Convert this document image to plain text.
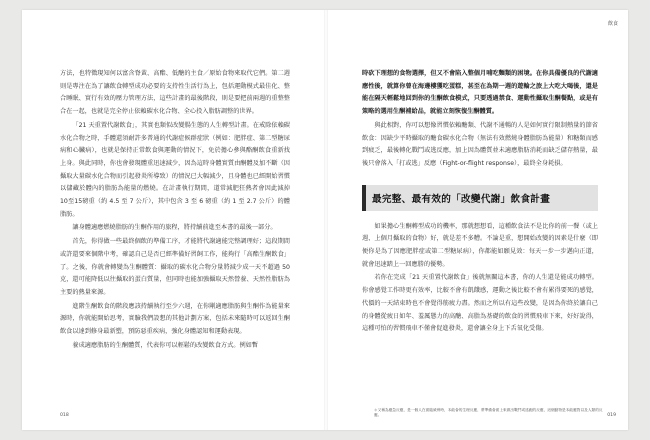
飲食

方法，也特徵現知何以富含脊黃、高酯、低醣的主食／原始食物來取代它們。第二週則是專注在為了讓飲食轉型成功必要的支持性生活行為上，包括運動模式最佳化、整合睡眠、實行有效的壓力管理方法，這些計畫的最後階段，則是要把前兩週的重整整合在一起，也就是完全停止依賴碳水化合物、全心投入脂肪調整的世界。

「21 天重置代謝飲食」，其實也類似改變腸生態的人生轉型計畫。在戒除依賴碳水化合物之時，手體還須耐許多普通的代謝症候群症狀（例如：肥胖症、第二型糖尿病和心臟病），也就是保持正常飲食與運動的情況下，免於擔心參與酪酮飲食重新找上身。與此同時，你也會發現體重迅速減少，因為這時身體實質由酮體及加不斷（因攝取大量碳水化合物而引起發炎所導致）的情況已大幅減少，且身體也已經開始習慣以儲藏於體內的脂肪為能量的燃燒。在計畫執行期間，道常減肥狂熱者會因此減掉 10至15磅重（約 4.5 至 7 公斤），其中包含 3 至 6 磅重（約 1 至 2.7 公斤）的體脂肪。

讓身體適應燃燒脂肪的生酮作用的旅程，將持續前進至本書的最後一部分。

首先，你得做一些最終個飲的準備工序，才能將代謝適能完整調理好；這段期間或許還要來個階中考，確認自己是否已經準備好習飼工作，能夠行「高酯生酮飲食」了。之後，你就會轉變為生酮體質：攝取的碳水化合物分量將減少成一天不超過 50克，還可能降低以往攝取的蛋白質量，但同時也能加強攝取天然營養、天然性脂肪為主要的熱量來源。

進階生酮飲食的階段應該持續執行至少六週，在你剛適應脂肪與生酮作為能量來源時，你就能開始思考，實驗我們設想的其他計劃方案，包括未來隨時可以返回生酮飲食以達到修身最新塑，預防惡重疾病，強化身體認知和運動表現。

養成適應脂肪的生酮體質，代表你可以輕鬆的改變飲食方式。例如暫

018

時砍下理想的食物選擇，但又不會陷入整個月哺吃麵類的困境。在你具備優良的代謝適應性後，就算你曾在海邊樓獲吃蛋糕，甚至在為期一週的遊輪之旅上大吃大喝後，還是能在隔天輕鬆地回到你的生酮飲食模式，只要透過禁食、運動性攝取生酮餐點，或是有策略的選用生酮補給品，就能立刻恢復生酮體質。

與此相對，你可以想像習慣依賴醣類、代謝不通暢的人是如何實行限制熱量的節省飲食：因缺少平時攝取的醣食碳水化合物（無法有效燃燒身體脂肪為能量）和糖類而感到疲乏，最後轉化戰鬥或逃反應，加上因為體質並未適應脂肪消耗而缺乏儲存熱量，最後只會落入「打或逃」反應（Fight-or-flight response），最終全身耗損。

最完整、最有效的「改變代謝」飲食計畫

如果擔心生酮轉型成功的機率，那就想想看，這種飲食法不是比你的前一餐（或上週、上個月攝取的食物）好，就是差不多糟。不論是重，想開始改變的因素是什麼（即便你是為了因應肥胖症或第二型糖尿病），你都能如願見效：每天一步一步邁向正道，就會迅速踏上一回應勝的優勢。

若你在完成「21 天重置代謝飲食」後就無關這本書，你的人生還是能成功轉型。你會感覺工作時更有效率，比較不會有飢餓感，運動之後比較不會有累得要死的感覺，代價的一天結束時也不會覺得筋疲力盡。然而之所以有這些改變，是因為你終於讓自己的身體從疲日如年、羞厲態力的高醣、高脂為基礎的飲食的習慣飛車下來，好好說得，這種可怕的習慣飛車不僅會促進發炎，還會讓全身上下舌氧化受傷。

＊又稱為應急反應，是一個人在面臨威脅時，本能會的生理反應，將準備會面上來做出戰鬥或逃跑的反應，這個動物是本能應對以及人類的反應。	019
